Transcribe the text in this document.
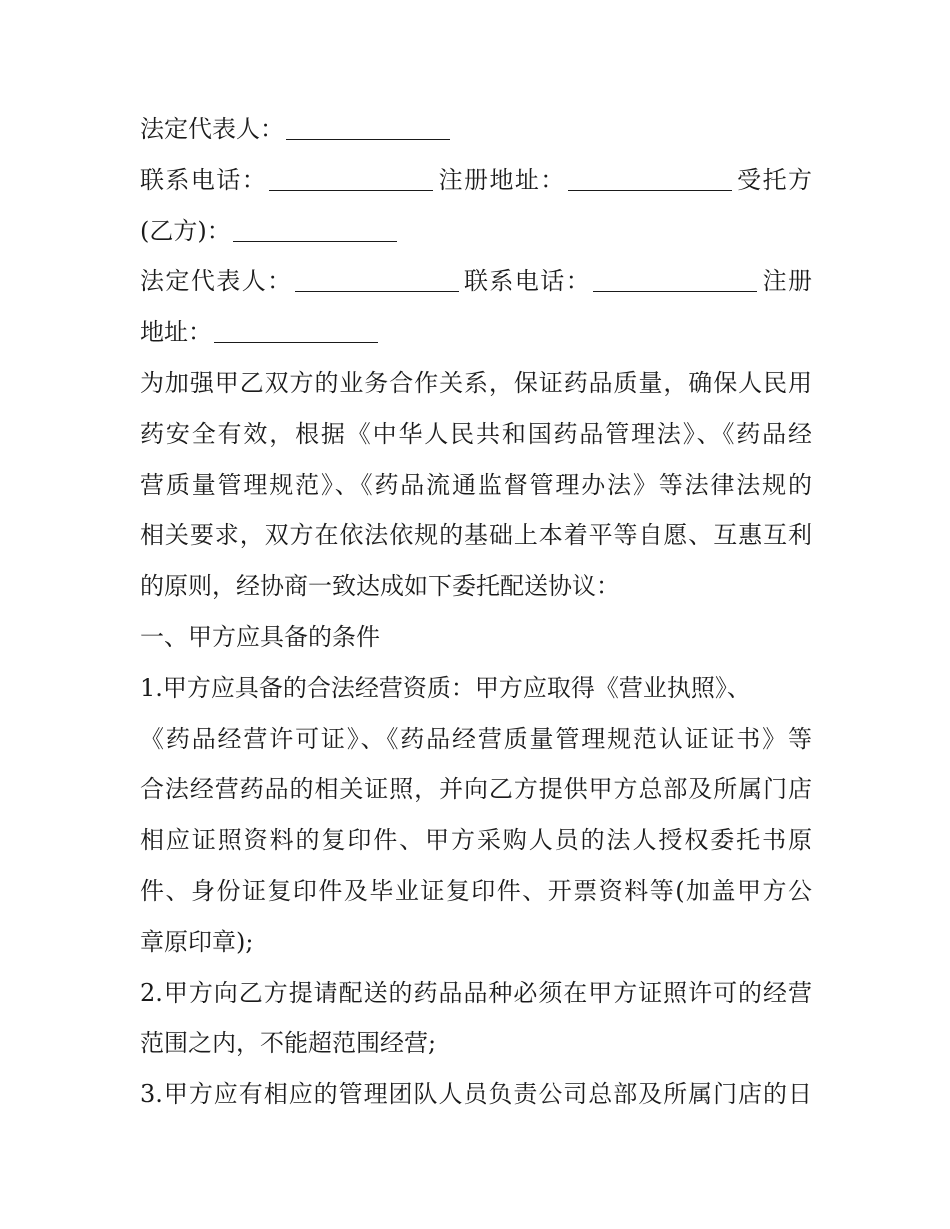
法定代表人：
联系电话：	注册地址：	受托方
(乙方)：
法定代表人：	联系电话：	注册
地址：
为加强甲乙双方的业务合作关系，保证药品质量，确保人民用
药安全有效，根据《中华人民共和国药品管理法》、《药品经
营质量管理规范》、《药品流通监督管理办法》等法律法规的
相关要求，双方在依法依规的基础上本着平等自愿、互惠互利
的原则，经协商一致达成如下委托配送协议：
一、甲方应具备的条件
1.甲方应具备的合法经营资质：甲方应取得《营业执照》、
《药品经营许可证》、《药品经营质量管理规范认证证书》等
合法经营药品的相关证照，并向乙方提供甲方总部及所属门店
相应证照资料的复印件、甲方采购人员的法人授权委托书原
件、身份证复印件及毕业证复印件、开票资料等(加盖甲方公
章原印章);
2.甲方向乙方提请配送的药品品种必须在甲方证照许可的经营
范围之内，不能超范围经营;
3.甲方应有相应的管理团队人员负责公司总部及所属门店的日
